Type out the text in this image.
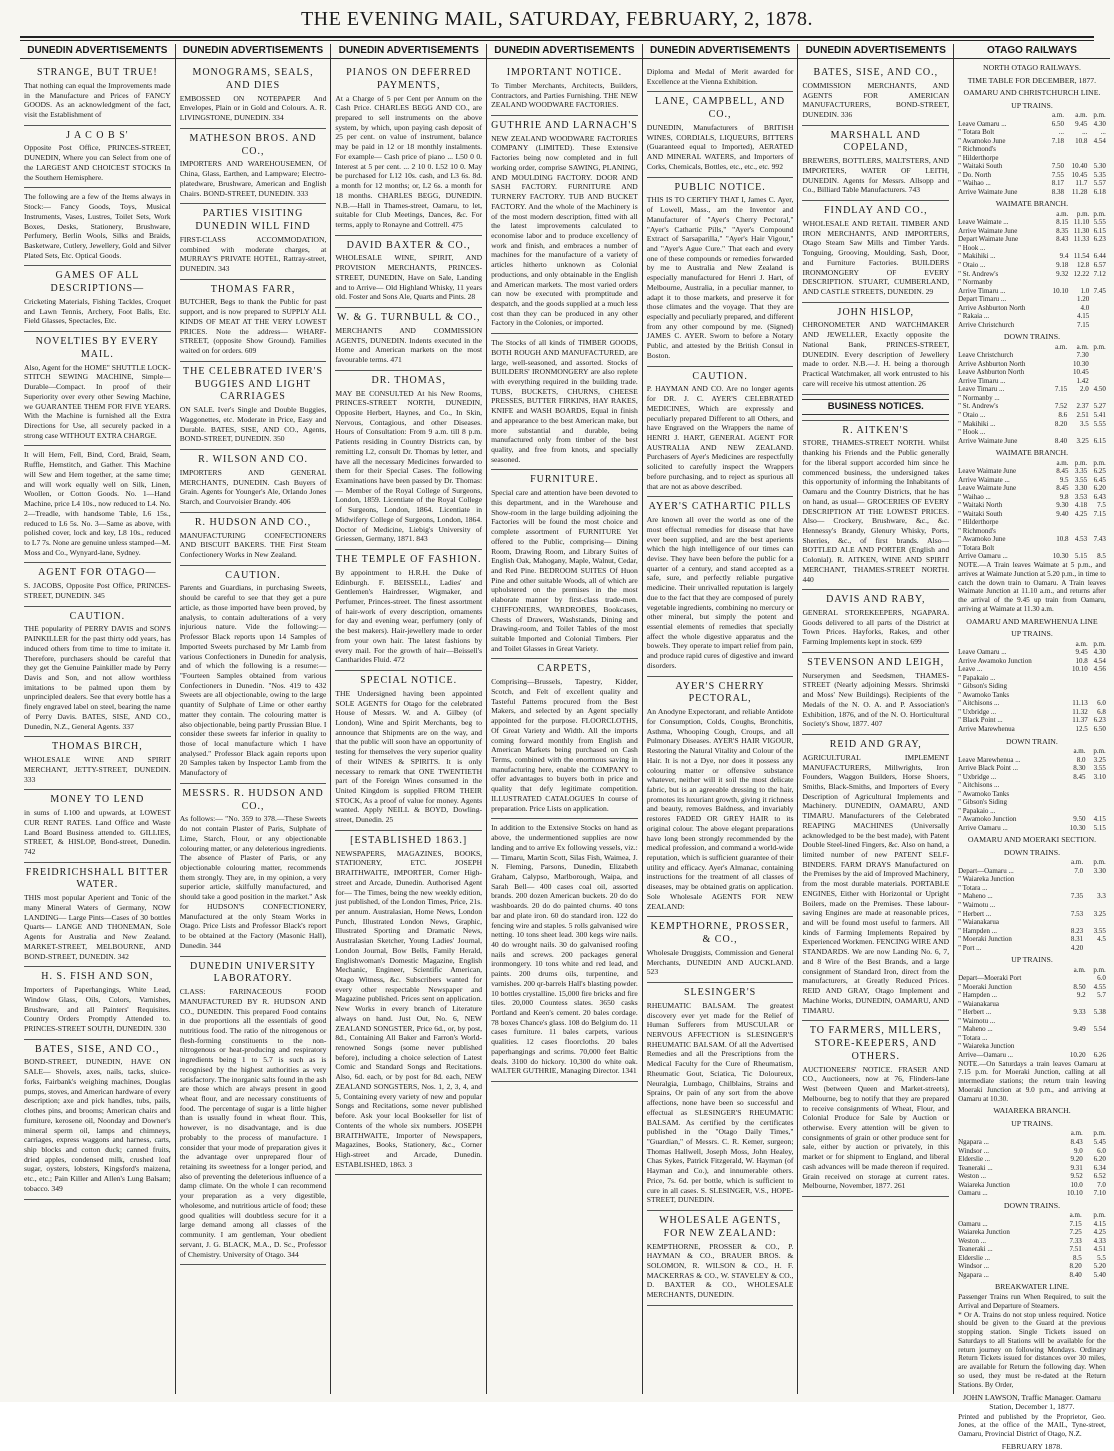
THE EVENING MAIL, SATURDAY, FEBRUARY, 2, 1878.
DUNEDIN ADVERTISEMENTS

STRANGE, BUT TRUE!

That nothing can equal the Improvements made in the Manufacture and Prices of FANCY GOODS. As an acknowledgment of the fact, visit the Establishment of

J A C O B S'

Opposite Post Office, PRINCES-STREET, DUNEDIN, Where you can Select from one of the LARGEST AND CHOICEST STOCKS In the Southern Hemisphere.

The following are a few of the Items always in Stock:— Fancy Goods, Toys, Musical Instruments, Vases, Lustres, Toilet Sets, Work Boxes, Desks, Stationery, Brushware, Perfumery, Berlin Wools, Silks and Braids, Basketware, Cutlery, Jewellery, Gold and Silver Plated Sets, Etc. Optical Goods.

GAMES OF ALL DESCRIPTIONS—

Cricketing Materials, Fishing Tackles, Croquet and Lawn Tennis, Archery, Foot Balls, Etc. Field Glasses, Spectacles, Etc.

NOVELTIES BY EVERY MAIL.

Also, Agent for the HOME" SHUTTLE LOCK-STITCH SEWING MACHINE, Simple—Durable—Compact. In proof of their Superiority over every other Sewing Machine, we GUARANTEE THEM FOR FIVE YEARS. With the Machine is furnished all the Extra Directions for Use, all securely packed in a strong case WITHOUT EXTRA CHARGE.

It will Hem, Fell, Bind, Cord, Braid, Seam, Ruffle, Hemstitch, and Gather. This Machine will Sew and Hem together, at the same time; and will work equally well on Silk, Linen, Woollen, or Cotton Goods. No. 1—Hand Machine, price L4 10s., now reduced to L4. No. 2—Treadle, with handsome Table, L6 15s., reduced to L6 5s. No. 3—Same as above, with polished cover, lock and key, L8 10s., reduced to L7 7s. None are genuine unless stamped—M. Moss and Co., Wynyard-lane, Sydney.

AGENT FOR OTAGO—

S. JACOBS, Opposite Post Office, PRINCES-STREET, DUNEDIN. 345

CAUTION.

THE popularity of PERRY DAVIS and SON'S PAINKILLER for the past thirty odd years, has induced others from time to time to imitate it. Therefore, purchasers should be careful that they get the Genuine Painkiller made by Perry Davis and Son, and not allow worthless imitations to be palmed upon them by unprincipled dealers. See that every bottle has a finely engraved label on steel, bearing the name of Perry Davis. BATES, SISE, AND CO., Dunedin, N.Z., General Agents. 337

THOMAS BIRCH,

WHOLESALE WINE AND SPIRIT MERCHANT, JETTY-STREET, DUNEDIN. 333

MONEY TO LEND

in sums of L100 and upwards, at LOWEST CUR RENT RATES. Land Office and Waste Land Board Business attended to. GILLIES, STREET, & HISLOP, Bond-street, Dunedin. 742

FREIDRICHSHALL BITTER WATER.

THIS most popular Aperient and Tonic of the many Mineral Waters of Germany, NOW LANDING— Large Pints—Cases of 30 bottles Quarts— LANGE AND THONEMAN, Sole Agents for Australia and New Zealand. MARKET-STREET, MELBOURNE, AND BOND-STREET, DUNEDIN. 342

H. S. FISH AND SON,

Importers of Paperhangings, White Lead, Window Glass, Oils, Colors, Varnishes, Brushware, and all Painters' Requisites. Country Orders Promptly Attended to. PRINCES-STREET SOUTH, DUNEDIN. 330

BATES, SISE, AND CO.,

BOND-STREET, DUNEDIN, HAVE ON SALE— Shovels, axes, nails, tacks, sluice-forks, Fairbank's weighing machines, Douglas pumps, stoves, and American hardware of every description; axe and pick handles, tubs, pails, clothes pins, and brooms; American chairs and furniture, kerosene oil, Noonday and Downer's mineral sperm oil, lamps and chimneys, carriages, express waggons and harness, carts, ship blocks and cotton duck; canned fruits, dried apples, condensed milk, crushed loaf sugar, oysters, lobsters, Kingsford's maizena, etc., etc.; Pain Killer and Allen's Lung Balsam; tobacco. 349

DUNEDIN ADVERTISEMENTS

MONOGRAMS, SEALS, AND DIES

EMBOSSED ON NOTEPAPER And Envelopes, Plain or in Gold and Colours. A. R. LIVINGSTONE, DUNEDIN. 334

MATHESON BROS. AND CO.,

IMPORTERS AND WAREHOUSEMEN, Of China, Glass, Earthen, and Lampware; Electro-platedware, Brushware, American and English Chairs. BOND-STREET, DUNEDIN. 333

PARTIES VISITING DUNEDIN WILL FIND

FIRST-CLASS ACCOMMODATION, combined with moderate charges, at MURRAY'S PRIVATE HOTEL, Rattray-street, DUNEDIN. 343

THOMAS FARR,

BUTCHER, Begs to thank the Public for past support, and is now prepared to SUPPLY ALL KINDS OF MEAT AT THE VERY LOWEST PRICES. Note the address— WHARF-STREET, (opposite Show Ground). Families waited on for orders. 609

THE CELEBRATED IVER'S BUGGIES AND LIGHT CARRIAGES

ON SALE. Iver's Single and Double Buggies, Waggonettes, etc. Moderate in Price, Easy and Durable. BATES, SISE, AND CO., Agents, BOND-STREET, DUNEDIN. 350

R. WILSON AND CO.

IMPORTERS AND GENERAL MERCHANTS, DUNEDIN. Cash Buyers of Grain. Agents for Younger's Ale, Orlando Jones Starch, and Courvoisier Brandy. 406

R. HUDSON AND CO.,

MANUFACTURING CONFECTIONERS AND BISCUIT BAKERS. THE First Steam Confectionery Works in New Zealand.

CAUTION.

Parents and Guardians, in purchasing Sweets, should be careful to see that they get a pure article, as those imported have been proved, by analysis, to contain adulterations of a very injurious nature. Vide the following:— Professor Black reports upon 14 Samples of Imported Sweets purchased by Mr Lamb from various Confectioners in Dunedin for analysis, and of which the following is a resume:— "Fourteen Samples obtained from various Confectioners in Dunedin. "Nos. 419 to 432 Sweets are all objectionable, owing to the large quantity of Sulphate of Lime or other earthy matter they contain. The colouring matter is also objectionable, being partly Prussian Blue. I consider these sweets far inferior in quality to those of local manufacture which I have analysed." Professor Black again reports upon 20 Samples taken by Inspector Lamb from the Manufactory of

MESSRS. R. HUDSON AND CO.,

As follows:— "No. 359 to 378.—These Sweets do not contain Plaster of Paris, Sulphate of Lime, Starch, Flour, or any objectionable colouring matter, or any deleterious ingredients. The absence of Plaster of Paris, or any objectionable colouring matter, recommends them strongly. They are, in my opinion, a very superior article, skilfully manufactured, and should take a good position in the market." Ask for HUDSON'S CONFECTIONERY, Manufactured at the only Steam Works in Otago. Price Lists and Professor Black's report to be obtained at the Factory (Masonic Hall), Dunedin. 344

DUNEDIN UNIVERSITY LABORATORY.

CLASS: FARINACEOUS FOOD MANUFACTURED BY R. HUDSON AND CO., DUNEDIN. This prepared Food contains in due proportions all the essentials of good nutritious food. The ratio of the nitrogenous or flesh-forming constituents to the non-nitrogenous or heat-producing and respiratory ingredients being 1 to 5.7 is such as is recognised by the highest authorities as very satisfactory. The inorganic salts found in the ash are those which are always present in good wheat flour, and are necessary constituents of food. The percentage of sugar is a little higher than is usually found in wheat flour. This, however, is no disadvantage, and is due probably to the process of manufacture. I consider that your mode of preparation gives it the advantage over unprepared flour of retaining its sweetness for a longer period, and also of preventing the deleterious influence of a damp climate. On the whole I can recommend your preparation as a very digestible, wholesome, and nutritious article of food; these good qualities will doubtless secure for it a large demand among all classes of the community. I am gentleman, Your obedient servant, J. G. BLACK, M.A., D. Sc., Professor of Chemistry. University of Otago. 344

DUNEDIN ADVERTISEMENTS

PIANOS ON DEFERRED PAYMENTS,

At a Charge of 5 per Cent per Annum on the Cash Price. CHARLES BEGG AND CO., are prepared to sell instruments on the above system, by which, upon paying cash deposit of 25 per cent. on value of instrument, balance may be paid in 12 or 18 monthly instalments. For example— Cash price of piano ... L50 0 0. Interest at 5 per cent. ... 2 10 0. L52 10 0. May be purchased for L12 10s. cash, and L3 6s. 8d. a month for 12 months; or, L2 6s. a month for 18 months. CHARLES BEGG, DUNEDIN. N.B.—Hall in Thames-street, Oamaru, to let, suitable for Club Meetings, Dances, &c. For terms, apply to Ronayne and Cottrell. 475

DAVID BAXTER & CO.,

WHOLESALE WINE, SPIRIT, AND PROVISION MERCHANTS, PRINCES-STREET, DUNEDIN, Have on Sale, Landing and to Arrive— Old Highland Whisky, 11 years old. Foster and Sons Ale, Quarts and Pints. 28

W. & G. TURNBULL & CO.,

MERCHANTS AND COMMISSION AGENTS, DUNEDIN. Indents executed in the Home and American markets on the most favourable terms. 471

DR. THOMAS,

MAY BE CONSULTED At his New Rooms, PRINCES-STREET NORTH, DUNEDIN, Opposite Herbert, Haynes, and Co., In Skin, Nervous, Contagious, and other Diseases. Hours of Consultation: From 9 a.m. till 8 p.m. Patients residing in Country Districts can, by remitting L2, consult Dr. Thomas by letter, and have all the necessary Medicines forwarded to them for their Special Cases. The following Examinations have been passed by Dr. Thomas:— Member of the Royal College of Surgeons, London, 1859. Licentiate of the Royal College of Surgeons, London, 1864. Licentiate in Midwifery College of Surgeons, London, 1864. Doctor of Medicine, Liebig's University of Griessen, Germany, 1871. 843

THE TEMPLE OF FASHION.

By appointment to H.R.H. the Duke of Edinburgh. F. BEISSELL, Ladies' and Gentlemen's Hairdresser, Wigmaker, and Perfumer, Princes-street. The finest assortment of hair-work of every description, ornaments for day and evening wear, perfumery (only of the best makers). Hair-jewellery made to order from your own hair. The latest fashions by every mail. For the growth of hair—Beissell's Cantharides Fluid. 472

SPECIAL NOTICE.

THE Undersigned having been appointed SOLE AGENTS for Otago for the celebrated House of Messrs. W. and A. Gilbey (of London), Wine and Spirit Merchants, beg to announce that Shipments are on the way, and that the public will soon have an opportunity of testing for themselves the very superior quality of their WINES & SPIRITS. It is only necessary to remark that ONE TWENTIETH part of the Foreign Wines consumed in the United Kingdom is supplied FROM THEIR STOCK, As a proof of value for money. Agents wanted. Apply NEILL & BOYD, Dowling-street, Dunedin. 25

[ESTABLISHED 1863.]

NEWSPAPERS, MAGAZINES, BOOKS, STATIONERY, ETC. JOSEPH BRAITHWAITE, IMPORTER, Corner High-street and Arcade, Dunedin. Authorised Agent for— The Times, being the new weekly edition, just published, of the London Times, Price, 21s. per annum. Australasian, Home News, London Punch, Illustrated London News, Graphic, Illustrated Sporting and Dramatic News, Australasian Sketcher, Young Ladies' Journal, London Journal, Bow Bells, Family Herald, Englishwoman's Domestic Magazine, English Mechanic, Engineer, Scientific American, Otago Witness, &c. Subscribers wanted for every other respectable Newspaper and Magazine published. Prices sent on application. New Works in every branch of Literature always on hand. Just Out, No. 6, NEW ZEALAND SONGSTER, Price 6d., or, by post, 8d., Containing All Baker and Farron's World-renowned Songs (some never published before), including a choice selection of Latest Comic and Standard Songs and Recitations. Also, 6d. each, or by post for 8d. each, NEW ZEALAND SONGSTERS, Nos. 1, 2, 3, 4, and 5, Containing every variety of new and popular Songs and Recitations, some never published before. Ask your local Bookseller for list of Contents of the whole six numbers. JOSEPH BRAITHWAITE, Importer of Newspapers, Magazines, Books, Stationery, &c., Corner High-street and Arcade, Dunedin. ESTABLISHED, 1863. 3

DUNEDIN ADVERTISEMENTS

IMPORTANT NOTICE.

To Timber Merchants, Architects, Builders, Contractors, and Parties Furnishing. THE NEW ZEALAND WOODWARE FACTORIES.

GUTHRIE AND LARNACH'S

NEW ZEALAND WOODWARE FACTORIES COMPANY (LIMITED). These Extensive Factories being now completed and in full working order, comprise SAWING, PLANING, AND MOULDING FACTORY. DOOR AND SASH FACTORY. FURNITURE AND TURNERY FACTORY. TUB AND BUCKET FACTORY. And the whole of the Machinery is of the most modern description, fitted with all the latest improvements calculated to economise labor and to produce excellency of work and finish, and embraces a number of machines for the manufacture of a variety of articles hitherto unknown as Colonial productions, and only obtainable in the English and American markets. The most varied orders can now be executed with promptitude and despatch, and the goods supplied at a much less cost than they can be produced in any other Factory in the Colonies, or imported.

The Stocks of all kinds of TIMBER GOODS, BOTH ROUGH AND MANUFACTURED, are large, well-seasoned, and assorted. Stocks of BUILDERS' IRONMONGERY are also replete with everything required in the building trade. TUBS, BUCKETS, CHURNS, CHEESE PRESSES, BUTTER FIRKINS, HAY RAKES, KNIFE and WASH BOARDS, Equal in finish and appearance to the best American make, but more substantial and durable, being manufactured only from timber of the best quality, and free from knots, and specially seasoned.

FURNITURE.

Special care and attention have been devoted to this department, and in the Warehouse and Show-room in the large building adjoining the Factories will be found the most choice and complete assortment of FURNITURE Yet offered to the Public, comprising— Dining Room, Drawing Room, and Library Suites of English Oak, Mahogany, Maple, Walnut, Cedar, and Red Pine. BEDROOM SUITES Of Huon Pine and other suitable Woods, all of which are upholstered on the premises in the most elaborate manner by first-class trade-men. CHIFFONIERS, WARDROBES, Bookcases, Chests of Drawers, Washstands, Dining and Drawing-room, and Toilet Tables of the most suitable Imported and Colonial Timbers. Pier and Toilet Glasses in Great Variety.

CARPETS,

Comprising—Brussels, Tapestry, Kidder, Scotch, and Felt of excellent quality and Tasteful Patterns procured from the Best Makers, and selected by an Agent specially appointed for the purpose. FLOORCLOTHS, Of Great Variety and Width. All the imports coming forward monthly from English and American Markets being purchased on Cash Terms, combined with the enormous saving in manufacturing here, enable the COMPANY to offer advantages to buyers both in price and quality that defy legitimate competition. ILLUSTRATED CATALOGUES In course of preparation. Price Lists on application.

In addition to the Extensive Stocks on hand as above, the undermentioned supplies are now landing and to arrive Ex following vessels, viz.:— Timaru, Martin Scott, Silas Fish, Waimea, J. N. Fleming, Parsons, Dunedin, Elizabeth Graham, Calypso, Marlborough, Waipa, and Sarah Bell— 400 cases coal oil, assorted brands. 200 dozen American buckets. 20 do do washboards. 20 do do painted churns. 40 tons bar and plate iron. 60 do standard iron. 122 do fencing wire and staples. 5 rolls galvanised wire netting. 10 tons sheet lead. 300 kegs wire nails. 40 do wrought nails. 30 do galvanised roofing nails and screws. 200 packages general ironmongery. 10 tons white and red lead, and paints. 200 drums oils, turpentine, and varnishes. 200 qr-barrels Hall's blasting powder. 10 bottles crystalline. 15,000 fire bricks and fire tiles. 20,000 Countess slates. 3650 casks Portland and Keen's cement. 20 bales cordage. 78 boxes Chance's glass. 108 do Belgium do. 11 cases furniture. 11 bales carpets, various qualities. 12 cases floorcloths. 20 bales paperhangings and scrims. 70,000 feet Baltic deals. 3100 do hickory. 10,300 do white oak. WALTER GUTHRIE, Managing Director. 1341

DUNEDIN ADVERTISEMENTS

Diploma and Medal of Merit awarded for Excellence at the Vienna Exhibition.

LANE, CAMPBELL, AND CO.,

DUNEDIN, Manufacturers of BRITISH WINES, CORDIALS, LIQUEURS, BITTERS (Guaranteed equal to Imported), AERATED AND MINERAL WATERS, and Importers of Corks, Chemicals, Bottles, etc., etc., etc. 992

PUBLIC NOTICE.

THIS IS TO CERTIFY THAT I, James C. Ayer, of Lowell, Mass., am the Inventor and Manufacturer of "Ayer's Cherry Pectoral," "Ayer's Cathartic Pills," "Ayer's Compound Extract of Sarsaparilla," "Ayer's Hair Vigour," and "Ayer's Ague Cure." That each and every one of these compounds or remedies forwarded by me to Australia and New Zealand is especially manufactured for Henri J. Hart, of Melbourne, Australia, in a peculiar manner, to adapt it to those markets, and preserve it for those climates and the voyage. That they are especially and peculiarly prepared, and different from any other compound by me. (Signed) JAMES C. AYER. Sworn to before a Notary Public, and attested by the British Consul in Boston.

CAUTION.

P. HAYMAN AND CO. Are no longer agents for DR. J. C. AYER'S CELEBRATED MEDICINES, Which are expressly and peculiarly prepared Different to all Others, and have Engraved on the Wrappers the name of HENRI J. HART, GENERAL AGENT FOR AUSTRALIA AND NEW ZEALAND. Purchasers of Ayer's Medicines are respectfully solicited to carefully inspect the Wrappers before purchasing, and to reject as spurious all that are not as above described.

AYER'S CATHARTIC PILLS

Are known all over the world as one of the most effectual remedies for disease that have ever been supplied, and are the best aperients which the high intelligence of our times can devise. They have been before the public for a quarter of a century, and stand accepted as a safe, sure, and perfectly reliable purgative medicine. Their unrivalled reputation is largely due to the fact that they are composed of purely vegetable ingredients, combining no mercury or other mineral, but simply the potent and essential elements of remedies that specially affect the whole digestive apparatus and the bowels. They operate to impart relief from pain, and produce rapid cures of digestive and inward disorders.

AYER'S CHERRY PECTORAL,

An Anodyne Expectorant, and reliable Antidote for Consumption, Colds, Coughs, Bronchitis, Asthma, Whooping Cough, Croups, and all Pulmonary Diseases. AYER'S HAIR VIGOUR, Restoring the Natural Vitality and Colour of the Hair. It is not a Dye, nor does it possess any colouring matter or offensive substance whatever, neither will it soil the most delicate fabric, but is an agreeable dressing to the hair, promotes its luxuriant growth, giving it richness and beauty, removes Baldness, and invariably restores FADED OR GREY HAIR to its original colour. The above elegant preparations have long been strongly recommended by the medical profession, and command a world-wide reputation, which is sufficient guarantee of their utility and efficacy. Ayer's Almanac, containing instructions for the treatment of all classes of diseases, may be obtained gratis on application. Sole Wholesale AGENTS FOR NEW ZEALAND:

KEMPTHORNE, PROSSER, & CO.,

Wholesale Druggists, Commission and General Merchants, DUNEDIN AND AUCKLAND. 523

SLESINGER'S

RHEUMATIC BALSAM. The greatest discovery ever yet made for the Relief of Human Sufferers from MUSCULAR or NERVOUS AFFECTION is SLESINGER'S RHEUMATIC BALSAM. Of all the Advertised Remedies and all the Prescriptions from the Medical Faculty for the Cure of Rheumatism, Rheumatic Gout, Sciatica, Tic Doloureux, Neuralgia, Lumbago, Chilblains, Strains and Sprains, Or pain of any sort from the above affections, none have been so successful and effectual as SLESINGER'S RHEUMATIC BALSAM. As certified by the certificates published in the "Otago Daily Times," "Guardian," of Messrs. C. R. Kemer, surgeon; Thomas Hallwell, Joseph Moss, John Healey, Chas Sykes, Patrick Fitzgerald, W. Hayman (of Hayman and Co.), and innumerable others. Price, 7s. 6d. per bottle, which is sufficient to cure in all cases. S. SLESINGER, V.S., HOPE-STREET, DUNEDIN.

WHOLESALE AGENTS, FOR NEW ZEALAND:

KEMPTHORNE, PROSSER & CO., P. HAYMAN & CO., BRAUER BROS. & SOLOMON, R. WILSON & CO., H. F. MACKERRAS & CO., W. STAVELEY & CO., D. BAXTER & CO., WHOLESALE MERCHANTS, DUNEDIN.

DUNEDIN ADVERTISEMENTS

BATES, SISE, AND CO.,

COMMISSION MERCHANTS, AND AGENTS FOR AMERICAN MANUFACTURERS, BOND-STREET, DUNEDIN. 336

MARSHALL AND COPELAND,

BREWERS, BOTTLERS, MALTSTERS, AND IMPORTERS, WATER OF LEITH, DUNEDIN. Agents for Messrs. Allsopp and Co., Billiard Table Manufacturers. 743

FINDLAY AND CO.,

WHOLESALE AND RETAIL TIMBER AND IRON MERCHANTS, AND IMPORTERS, Otago Steam Saw Mills and Timber Yards. Tonguing, Grooving, Moulding, Sash, Door, and Furniture Factories. BUILDERS IRONMONGERY OF EVERY DESCRIPTION. STUART, CUMBERLAND, AND CASTLE STREETS, DUNEDIN. 29

JOHN HISLOP,

CHRONOMETER AND WATCHMAKER AND JEWELLER, Exactly opposite the National Bank, PRINCES-STREET, DUNEDIN. Every description of Jewellery made to order. N.B.—J. H. being a thorough Practical Watchmaker, all work entrusted to his care will receive his utmost attention. 26

BUSINESS NOTICES.

R. AITKEN'S

STORE, THAMES-STREET NORTH. Whilst thanking his Friends and the Public generally for the liberal support accorded him since he commenced business, the undersigned takes this opportunity of informing the Inhabitants of Oamaru and the Country Districts, that he has on hand, as usual— GROCERIES OF EVERY DESCRIPTION AT THE LOWEST PRICES. Also— Crockery, Brushware, &c., &c. Hennessy's Brandy, Glenury Whisky, Ports, Sherries, &c., of first brands. Also— BOTTLED ALE AND PORTER (English and Colonial). R. AITKEN, WINE AND SPIRIT MERCHANT, THAMES-STREET NORTH. 440

DAVIS AND RABY,

GENERAL STOREKEEPERS, NGAPARA. Goods delivered to all parts of the District at Town Prices. Hayforks, Rakes, and other Farming Implements kept in stock. 699

STEVENSON AND LEIGH,

Nurserymen and Seedsmen, THAMES-STREET (Nearly adjoining Messrs. Shrimski and Moss' New Buildings). Recipients of the Medals of the N. O. A. and P. Association's Exhibition, 1876, and of the N. O. Horticultural Society's Show, 1877. 407

REID AND GRAY,

AGRICULTURAL IMPLEMENT MANUFACTURERS, Millwrights, Iron Founders, Waggon Builders, Horse Shoers, Smiths, Black-Smiths, and Importers of Every Description of Agricultural Implements and Machinery. DUNEDIN, OAMARU, AND TIMARU. Manufacturers of the Celebrated REAPING MACHINES (Universally acknowledged to be the best made), with Patent Double Steel-lined Fingers, &c. Also on hand, a limited number of new PATENT SELF-BINDERS. FARM DRAYS Manufactured on the Premises by the aid of Improved Machinery, from the most durable materials. PORTABLE ENGINES, Either with Horizontal or Upright Boilers, made on the Premises. These labour-saving Engines are made at reasonable prices, and will be found most useful to farmers. All kinds of Farming Implements Repaired by Experienced Workmen. FENCING WIRE AND STANDARDS. We are now Landing No. 6, 7, and 8 Wire of the Best Brands, and a large consignment of Standard Iron, direct from the manufacturers, at Greatly Reduced Prices. REID AND GRAY, Otago Implement and Machine Works, DUNEDIN, OAMARU, AND TIMARU.

TO FARMERS, MILLERS, STORE-KEEPERS, AND OTHERS.

AUCTIONEERS' NOTICE. FRASER AND CO., Auctioneers, now at 76, Flinders-lane West (between Queen and Market-streets), Melbourne, beg to notify that they are prepared to receive consignments of Wheat, Flour, and Colonial Produce for Sale by Auction or otherwise. Every attention will be given to consignments of grain or other produce sent for sale, either by auction or privately, in this market or for shipment to England, and liberal cash advances will be made thereon if required. Grain received on storage at current rates. Melbourne, November, 1877. 261

OTAGO RAILWAYS
NORTH OTAGO RAILWAYS.
TIME TABLE FOR DECEMBER, 1877.
OAMARU AND CHRISTCHURCH LINE.
UP TRAINS.
	a.m.	a.m.	p.m.
Leave Oamaru ...	6.50	9.45	4.30
" Totara Bolt	...	...	...
" Awamoko June	7.18	10.8	4.54
" Richmond's			
" Hilderthorpe			
" Waitaki South	7.50	10.40	5.30
" Do. North	7.55	10.45	5.35
" Waihao ...	8.17	11.7	5.57
Arrive Waimate June	8.38	11.28	6.18
WAIMATE BRANCH.
	a.m.	p.m.	p.m.
Leave Waimate ...	8.15	11.10	5.55
Arrive Waimate June	8.35	11.30	6.15
Depart Waimate June	8.43	11.33	6.23
" Hook ...			
" Makihiki ...	9.4	11.54	6.44
" Otaio ...	9.18	12.8	6.57
" St. Andrew's	9.32	12.22	7.12
" Normanby			
Arrive Timaru ...	10.10	1.0	7.45
Depart Timaru ...		1.20	
Arrive Ashburton North		4.0	
" Rakaia ...		4.15	
Arrive Christchurch		7.15	
DOWN TRAINS.
	a.m.	a.m.	p.m.
Leave Christchurch		7.30	
Arrive Ashburton North		10.30	
Leave Ashburton North		10.45	
Arrive Timaru ...		1.42	
Leave Timaru ...	7.15	2.0	4.50
" Normanby ...			
" St. Andrew's	7.52	2.37	5.27
" Otaio ...	8.6	2.51	5.41
" Makihiki ...	8.20	3.5	5.55
" Hook ...			
Arrive Waimate June	8.40	3.25	6.15
WAIMATE BRANCH.
	a.m.	p.m.	p.m.
Leave Waimate June	8.45	3.35	6.25
Arrive Waimate ...	9.5	3.55	6.45
Leave Waimate June	8.45	3.30	6.20
" Waihao ...	9.8	3.53	6.43
" Waitaki North	9.30	4.18	7.5
" Waitaki South	9.40	4.25	7.15
" Hilderthorpe			
" Richmond's			
" Awamoko June	10.8	4.53	7.43
" Totara Bolt			
Arrive Oamaru ...	10.30	5.15	8.5
NOTE.—A Train leaves Waimate at 5 p.m., and arrives at Waimate Junction at 5.20 p.m., in time to catch the down train to Oamaru. A Train leaves Waimate Junction at 11.10 a.m., and returns after the arrival of the 9.45 up train from Oamaru, arriving at Waimate at 11.30 a.m.
OAMARU AND MAREWHENUA LINE
UP TRAINS.
	a.m.	p.m.
Leave Oamaru ...	9.45	4.30
Arrive Awamoko Junction	10.8	4.54
Leave ...	10.10	4.56
" Papakaio ...		
" Gibson's Siding		
" Awamoko Tanks		
" Aitchisons ...	11.13	6.0
" Uxbridge ...	11.32	6.8
" Black Point ...	11.37	6.23
Arrive Marewhenua	12.5	6.50
DOWN TRAIN.
	a.m.	p.m.
Leave Marewhenua ...	8.0	3.25
Arrive Black Point ...	8.30	3.55
" Uxbridge ...	8.45	3.10
" Aitchisons ...		
" Awamoko Tanks		
" Gibson's Siding		
" Papakaio ...		
" Awamoko Junction	9.50	4.15
Arrive Oamaru ...	10.30	5.15
OAMARU AND MOERAKI SECTION.
DOWN TRAINS.
	a.m.	p.m.
Depart—Oamaru ...	7.0	3.30
" Waiareka Junction		
" Totara ...		
" Maheno ...	7.35	3.3
" Waimotu ...		
" Herbert ...	7.53	3.25
" Waianakarua		
" Hampden ...	8.23	3.55
" Moeraki Junction	8.31	4.5
" Port ...	4.20	
UP TRAINS.
	a.m.	p.m.
Depart—Moeraki Port		6.0
" Moeraki Junction	8.50	4.55
" Hampden ...	9.2	5.7
" Waianakarua		
" Herbert ...	9.33	5.38
" Waimotu ...		
" Maheno ...	9.49	5.54
" Totara ...		
" Waiareka Junction		
Arrive—Oamaru ...	10.20	6.26
NOTE.—On Saturdays a train leaves Oamaru at 7.15 p.m. for Moeraki Junction, calling at all intermediate stations; the return train leaving Moeraki Junction at 9.0 p.m., and arriving at Oamaru at 10.30.
WAIAREKA BRANCH.
UP TRAINS.
	a.m.	p.m.
Ngapara ...	8.43	5.45
Windsor ...	9.0	6.0
Elderslie ...	9.20	6.20
Teaneraki ...	9.31	6.34
Weston ...	9.52	6.52
Waiareka Junction	10.0	7.0
Oamaru ...	10.10	7.10
DOWN TRAINS.
	a.m.	p.m.
Oamaru ...	7.15	4.15
Waiareka Junction	7.25	4.25
Weston ...	7.33	4.33
Teaneraki ...	7.51	4.51
Elderslie ...	8.5	5.5
Windsor ...	8.20	5.20
Ngapara ...	8.40	5.40
BREAKWATER LINE.
Passenger Trains run When Required, to suit the Arrival and Departure of Steamers.
* Or A. Trains do not stop unless required. Notice should be given to the Guard at the previous stopping station. Single Tickets issued on Saturdays to all Stations will be available for the return journey on following Mondays. Ordinary Return Tickets issued for distances over 30 miles, are available for Return the following day. When so used, they must be re-dated at the Return Stations. By Order,
JOHN LAWSON, Traffic Manager. Oamaru Station, December 1, 1877.
Printed and published by the Proprietor, Geo. Jones, at the office of the MAIL, Tyne-street, Oamaru, Provincial District of Otago, N.Z.
FEBRUARY 1878.
